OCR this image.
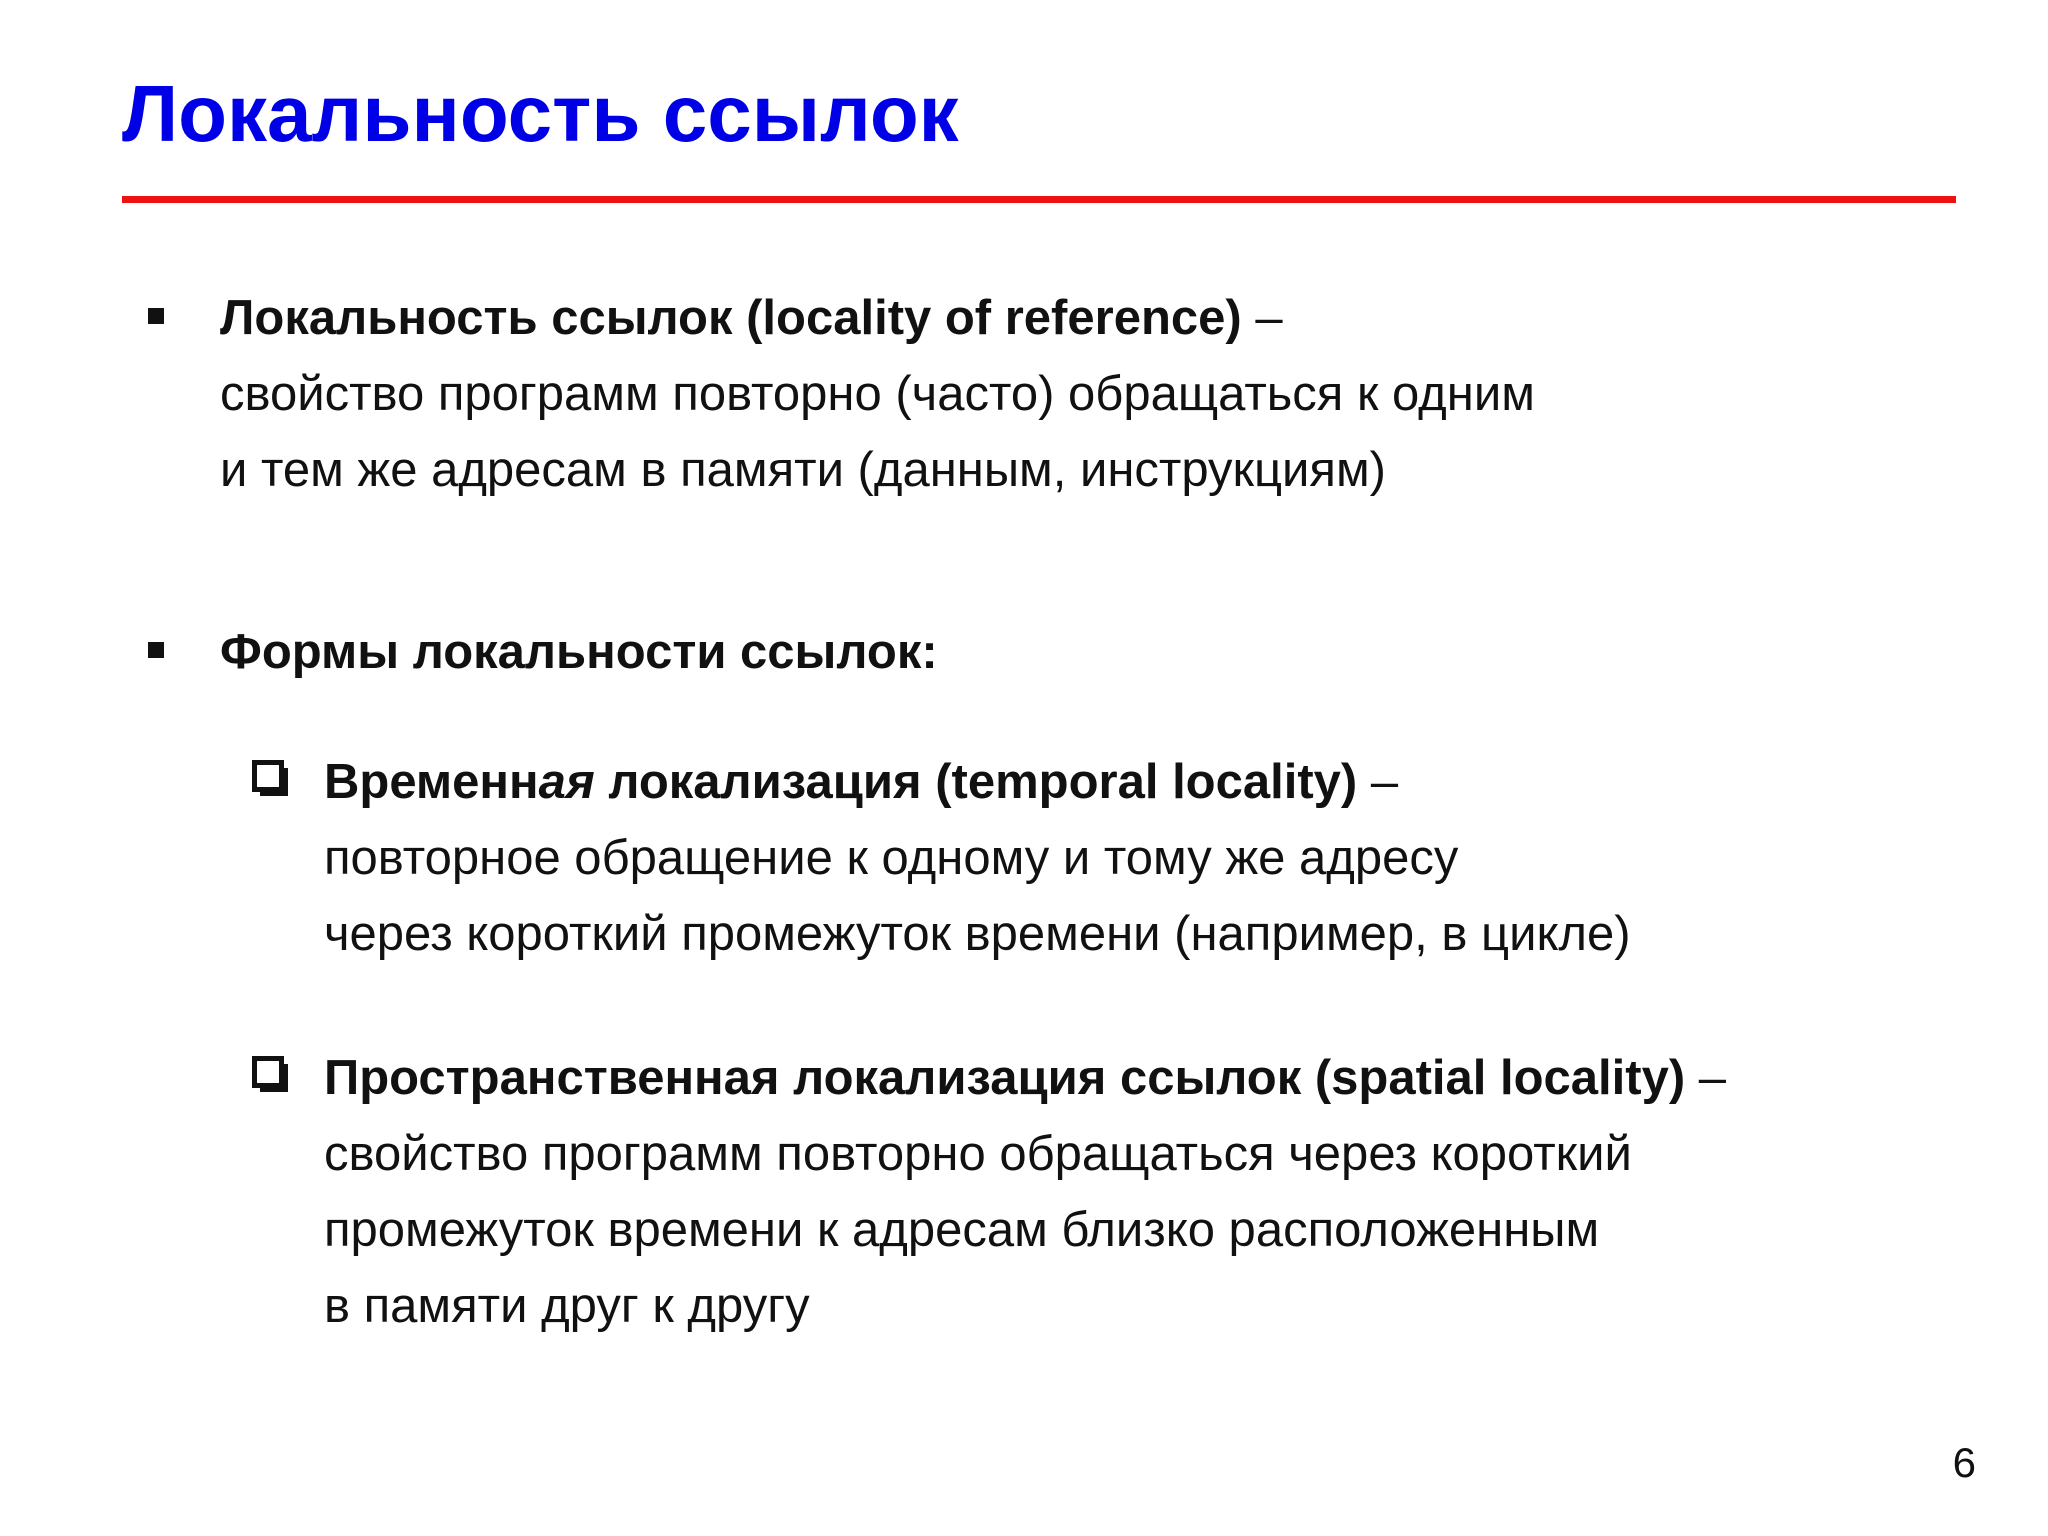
Локальность ссылок
Локальность ссылок (locality of reference) –
свойство программ повторно (часто) обращаться к одним
и тем же адресам в памяти (данным, инструкциям)
Формы локальности ссылок:
Временная локализация (temporal locality) –
повторное обращение к одному и тому же адресу
через короткий промежуток времени (например, в цикле)
Пространственная локализация ссылок (spatial locality) –
свойство программ повторно обращаться через короткий
промежуток времени к адресам близко расположенным
в памяти друг к другу
6
